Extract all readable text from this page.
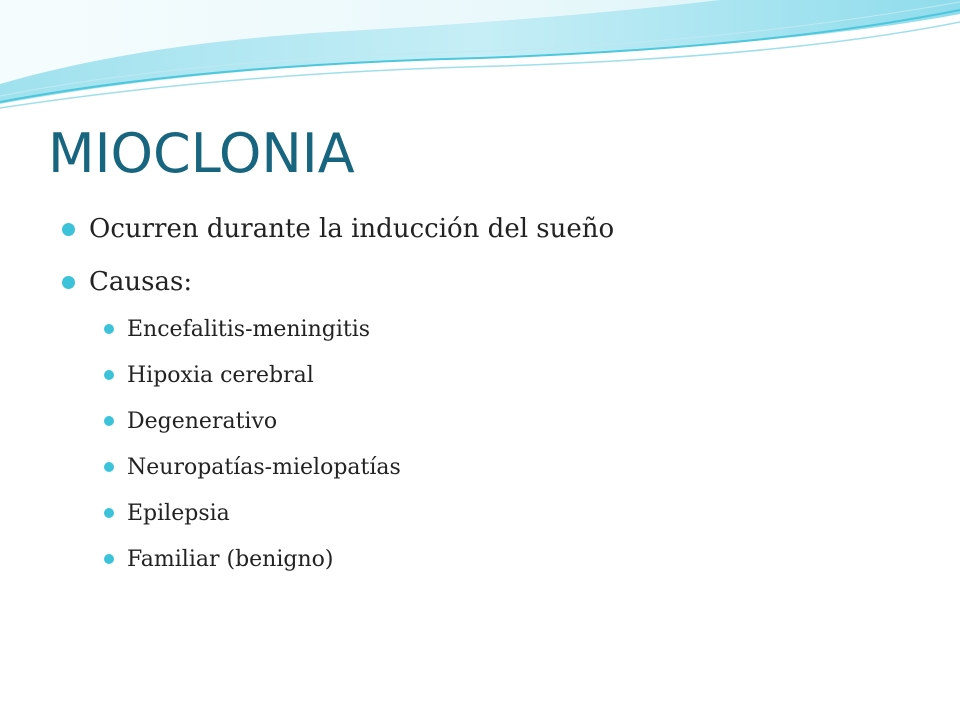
MIOCLONIA
Ocurren durante la inducción del sueño
Causas:
Encefalitis-meningitis
Hipoxia cerebral
Degenerativo
Neuropatías-mielopatías
Epilepsia
Familiar (benigno)
